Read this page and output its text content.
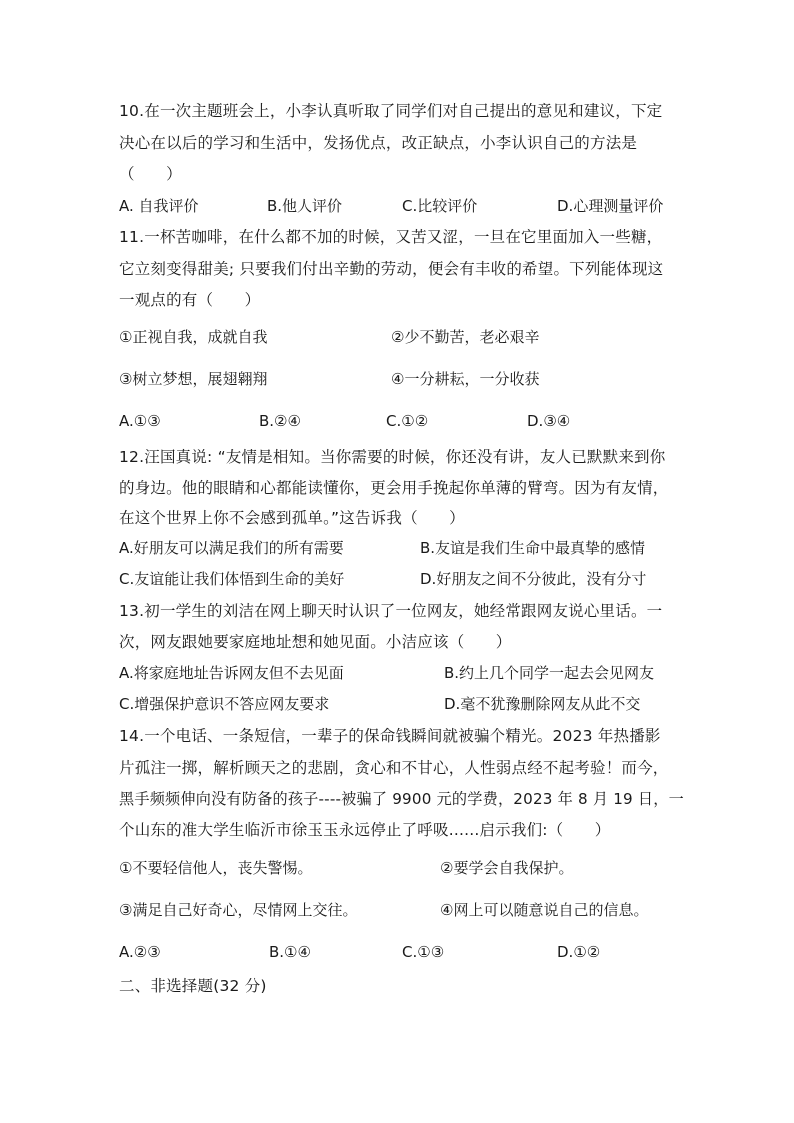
10.在一次主题班会上，小李认真听取了同学们对自己提出的意见和建议，下定
决心在以后的学习和生活中，发扬优点，改正缺点，小李认识自己的方法是
（　　）
A. 自我评价	B.他人评价	C.比较评价	D.心理测量评价
11.一杯苦咖啡，在什么都不加的时候，又苦又涩，一旦在它里面加入一些糖，
它立刻变得甜美; 只要我们付出辛勤的劳动，便会有丰收的希望。下列能体现这
一观点的有（　　）
①正视自我，成就自我	②少不勤苦，老必艰辛
③树立梦想，展翅翱翔	④一分耕耘，一分收获
A.①③	B.②④	C.①②	D.③④
12.汪国真说: “友情是相知。当你需要的时候，你还没有讲，友人已默默来到你
的身边。他的眼睛和心都能读懂你，更会用手挽起你单薄的臂弯。因为有友情，
在这个世界上你不会感到孤单。”这告诉我（　　）
A.好朋友可以满足我们的所有需要	B.友谊是我们生命中最真挚的感情
C.友谊能让我们体悟到生命的美好	D.好朋友之间不分彼此，没有分寸
13.初一学生的刘洁在网上聊天时认识了一位网友，她经常跟网友说心里话。一
次，网友跟她要家庭地址想和她见面。小洁应该（　　）
A.将家庭地址告诉网友但不去见面	B.约上几个同学一起去会见网友
C.增强保护意识不答应网友要求	D.毫不犹豫删除网友从此不交
14.一个电话、一条短信，一辈子的保命钱瞬间就被骗个精光。2023 年热播影
片孤注一掷，解析顾天之的悲剧，贪心和不甘心，人性弱点经不起考验！而今，
黑手频频伸向没有防备的孩子----被骗了 9900 元的学费，2023 年 8 月 19 日，一
个山东的准大学生临沂市徐玉玉永远停止了呼吸......启示我们:（　　）
①不要轻信他人，丧失警惕。	②要学会自我保护。
③满足自己好奇心，尽情网上交往。	④网上可以随意说自己的信息。
A.②③	B.①④	C.①③	D.①②
二、非选择题(32 分)
